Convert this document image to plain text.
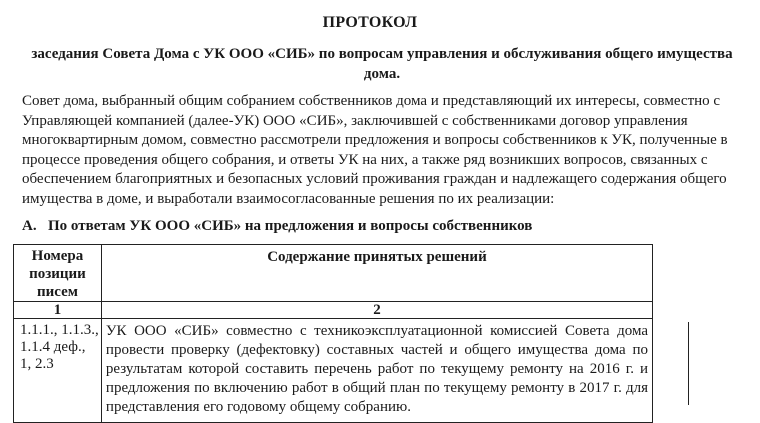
ПРОТОКОЛ
заседания Совета Дома с УК ООО «СИБ» по вопросам управления и обслуживания общего имущества дома.
Совет дома, выбранный общим собранием собственников дома и представляющий их интересы, совместно с Управляющей компанией (далее-УК) ООО «СИБ», заключившей с собственниками договор управления многоквартирным домом, совместно рассмотрели предложения и вопросы собственников к УК, полученные в процессе проведения общего собрания, и ответы УК на них, а также ряд возникших вопросов, связанных с обеспечением благоприятных и безопасных условий проживания граждан и надлежащего содержания общего имущества в доме, и выработали взаимосогласованные решения по их реализации:
А. По ответам УК ООО «СИБ» на предложения и вопросы собственников
Номера позиции писем	Содержание принятых решений
1	2
1.1.1., 1.1.3., 1.1.4 деф., 1, 2.3	УК ООО «СИБ» совместно с техникоэксплуатационной комиссией Совета дома провести проверку (дефектовку) составных частей и общего имущества дома по результатам которой составить перечень работ по текущему ремонту на 2016 г. и предложения по включению работ в общий план по текущему ремонту в 2017 г. для представления его годовому общему собранию.
